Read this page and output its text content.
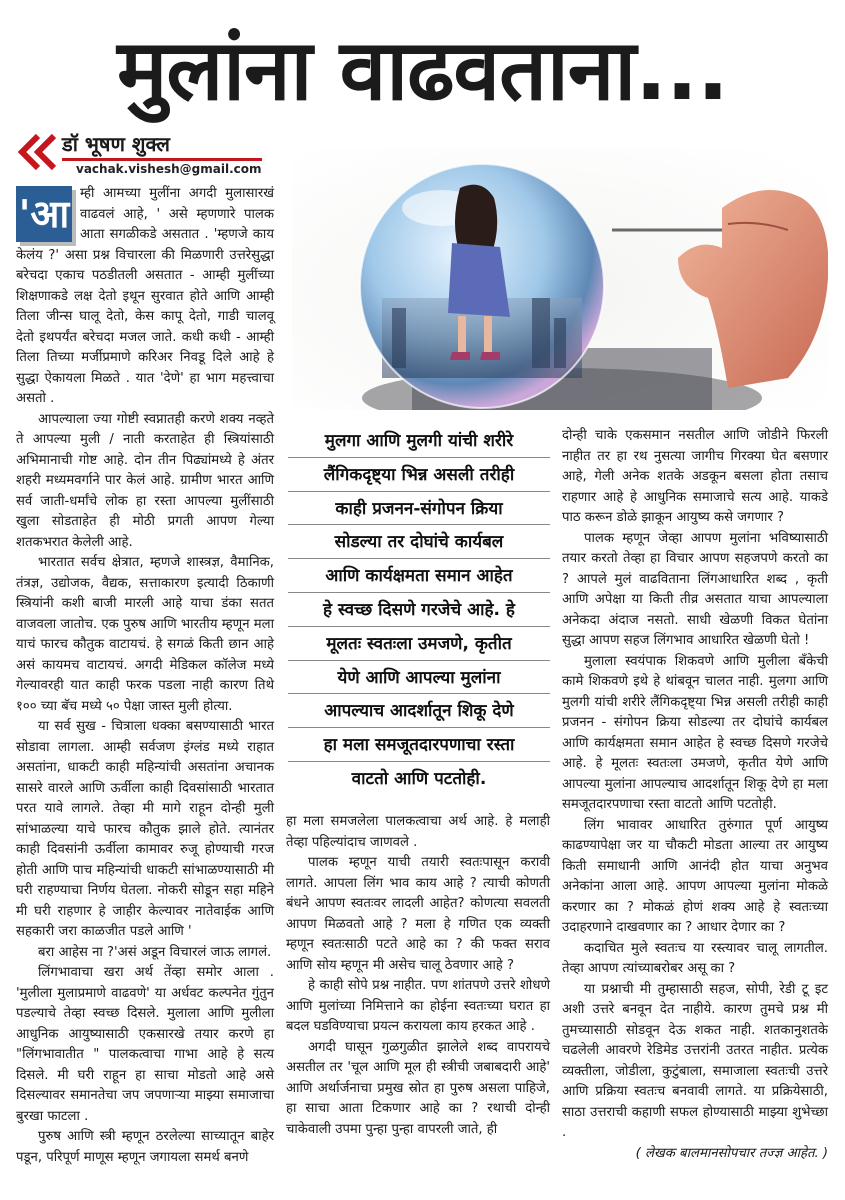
मुलांना वाढवताना...
डॉ भूषण शुक्ल
vachak.vishesh@gmail.com

'आ म्ही आमच्या मुलींना अगदी मुलासारखं वाढवलं आहे, ' असे म्हणणारे पालक आता सगळीकडे असतात . 'म्हणजे काय केलंय ?' असा प्रश्न विचारला की मिळणारी उत्तरेसुद्धा बरेचदा एकाच पठडीतली असतात - आम्ही मुलींच्या शिक्षणाकडे लक्ष देतो इथून सुरवात होते आणि आम्ही तिला जीन्स घालू देतो, केस कापू देतो, गाडी चालवू देतो इथपर्यंत बरेचदा मजल जाते. कधी कधी - आम्ही तिला तिच्या मर्जीप्रमाणे करिअर निवडू दिले आहे हे सुद्धा ऐकायला मिळते . यात 'देणे' हा भाग महत्त्वाचा असतो .

आपल्याला ज्या गोष्टी स्वप्नातही करणे शक्य नव्हते ते आपल्या मुली / नाती करताहेत ही स्त्रियांसाठी अभिमानाची गोष्ट आहे. दोन तीन पिढ्यांमध्ये हे अंतर शहरी मध्यमवर्गाने पार केलं आहे. ग्रामीण भारत आणि सर्व जाती-धर्मांचे लोक हा रस्ता आपल्या मुलींसाठी खुला सोडताहेत ही मोठी प्रगती आपण गेल्या शतकभरात केलेली आहे.

भारतात सर्वच क्षेत्रात, म्हणजे शास्त्रज्ञ, वैमानिक, तंत्रज्ञ, उद्योजक, वैद्यक, सत्ताकारण इत्यादी ठिकाणी स्त्रियांनी कशी बाजी मारली आहे याचा डंका सतत वाजवला जातोच. एक पुरुष आणि भारतीय म्हणून मला याचं फारच कौतुक वाटायचं. हे सगळं किती छान आहे असं कायमच वाटायचं. अगदी मेडिकल कॉलेज मध्ये गेल्यावरही यात काही फरक पडला नाही कारण तिथे १०० च्या बॅच मध्ये ५० पेक्षा जास्त मुली होत्या.

या सर्व सुख - चित्राला धक्का बसण्यासाठी भारत सोडावा लागला. आम्ही सर्वजण इंग्लंड मध्ये राहात असतांना, धाकटी काही महिन्यांची असतांना अचानक सासरे वारले आणि ऊर्वीला काही दिवसांसाठी भारतात परत यावे लागले. तेव्हा मी मागे राहून दोन्ही मुली सांभाळल्या याचे फारच कौतुक झाले होते. त्यानंतर काही दिवसांनी ऊर्वीला कामावर रुजू होण्याची गरज होती आणि पाच महिन्यांची धाकटी सांभाळण्यासाठी मी घरी राहण्याचा निर्णय घेतला. नोकरी सोडून सहा महिने मी घरी राहणार हे जाहीर केल्यावर नातेवाईक आणि सहकारी जरा काळजीत पडले आणि '

बरा आहेस ना ?'असं अडून विचारलं जाऊ लागलं.

लिंगभावाचा खरा अर्थ तेंव्हा समोर आला . 'मुलीला मुलाप्रमाणे वाढवणे' या अर्धवट कल्पनेत गुंतुन पडल्याचे तेव्हा स्वच्छ दिसले. मुलाला आणि मुलीला आधुनिक आयुष्यासाठी एकसारखे तयार करणे हा "लिंगभावातीत " पालकत्वाचा गाभा आहे हे सत्य दिसले. मी घरी राहून हा साचा मोडतो आहे असे दिसल्यावर समानतेचा जप जपणाऱ्या माझ्या समाजाचा बुरखा फाटला .

पुरुष आणि स्त्री म्हणून ठरलेल्या साच्यातून बाहेर पडून, परिपूर्ण माणूस म्हणून जगायला समर्थ बनणे

मुलगा आणि मुलगी यांची शरीरे
लैंगिकदृष्ट्या भिन्न असली तरीही
काही प्रजनन-संगोपन क्रिया
सोडल्या तर दोघांचे कार्यबल
आणि कार्यक्षमता समान आहेत
हे स्वच्छ दिसणे गरजेचे आहे. हे
मूलतः स्वतःला उमजणे, कृतीत
येणे आणि आपल्या मुलांना
आपल्याच आदर्शातून शिकू देणे
हा मला समजूतदारपणाचा रस्ता
वाटतो आणि पटतोही.

हा मला समजलेला पालकत्वाचा अर्थ आहे. हे मलाही तेव्हा पहिल्यांदाच जाणवले .

पालक म्हणून याची तयारी स्वतःपासून करावी लागते. आपला लिंग भाव काय आहे ? त्याची कोणती बंधने आपण स्वतःवर लादली आहेत? कोणत्या सवलती आपण मिळवतो आहे ? मला हे गणित एक व्यक्ती म्हणून स्वतःसाठी पटते आहे का ? की फक्त सराव आणि सोय म्हणून मी असेच चालू ठेवणार आहे ?

हे काही सोपे प्रश्न नाहीत. पण शांतपणे उत्तरे शोधणे आणि मुलांच्या निमित्ताने का होईना स्वतःच्या घरात हा बदल घडविण्याचा प्रयत्न करायला काय हरकत आहे .

अगदी घासून गुळगुळीत झालेले शब्द वापरायचे असतील तर 'चूल आणि मूल ही स्त्रीची जबाबदारी आहे' आणि अर्थार्जनाचा प्रमुख स्रोत हा पुरुष असला पाहिजे, हा साचा आता टिकणार आहे का ? रथाची दोन्ही चाकेवाली उपमा पुन्हा पुन्हा वापरली जाते, ही

दोन्ही चाके एकसमान नसतील आणि जोडीने फिरली नाहीत तर हा रथ नुसत्या जागीच गिरक्या घेत बसणार आहे, गेली अनेक शतके अडकून बसला होता तसाच राहणार आहे हे आधुनिक समाजाचे सत्य आहे. याकडे पाठ करून डोळे झाकून आयुष्य कसे जगणार ?

पालक म्हणून जेव्हा आपण मुलांना भविष्यासाठी तयार करतो तेव्हा हा विचार आपण सहजपणे करतो का ? आपले मुलं वाढविताना लिंगआधारित शब्द , कृती आणि अपेक्षा या किती तीव्र असतात याचा आपल्याला अनेकदा अंदाज नसतो. साधी खेळणी विकत घेतांना सुद्धा आपण सहज लिंगभाव आधारित खेळणी घेतो !

मुलाला स्वयंपाक शिकवणे आणि मुलीला बँकेची कामे शिकवणे इथे हे थांबवून चालत नाही. मुलगा आणि मुलगी यांची शरीरे लैंगिकदृष्ट्या भिन्न असली तरीही काही प्रजनन - संगोपन क्रिया सोडल्या तर दोघांचे कार्यबल आणि कार्यक्षमता समान आहेत हे स्वच्छ दिसणे गरजेचे आहे. हे मूलतः स्वतःला उमजणे, कृतीत येणे आणि आपल्या मुलांना आपल्याच आदर्शातून शिकू देणे हा मला समजूतदारपणाचा रस्ता वाटतो आणि पटतोही.

लिंग भावावर आधारित तुरुंगात पूर्ण आयुष्य काढण्यापेक्षा जर या चौकटी मोडता आल्या तर आयुष्य किती समाधानी आणि आनंदी होत याचा अनुभव अनेकांना आला आहे. आपण आपल्या मुलांना मोकळे करणार का ? मोकळं होणं शक्य आहे हे स्वतःच्या उदाहरणाने दाखवणार का ? आधार देणार का ?

कदाचित मुले स्वतःच या रस्त्यावर चालू लागतील. तेव्हा आपण त्यांच्याबरोबर असू का ?

या प्रश्नाची मी तुम्हासाठी सहज, सोपी, रेडी टू इट अशी उत्तरे बनवून देत नाहीये. कारण तुमचे प्रश्न मी तुमच्यासाठी सोडवून देऊ शकत नाही. शतकानुशतके चढलेली आवरणे रेडिमेड उत्तरांनी उतरत नाहीत. प्रत्येक व्यक्तीला, जोडीला, कुटुंबाला, समाजाला स्वतःची उत्तरे आणि प्रक्रिया स्वतःच बनवावी लागते. या प्रक्रियेसाठी, साठा उत्तराची कहाणी सफल होण्यासाठी माझ्या शुभेच्छा .

( लेखक बालमानसोपचार तज्ज्ञ आहेत. )
